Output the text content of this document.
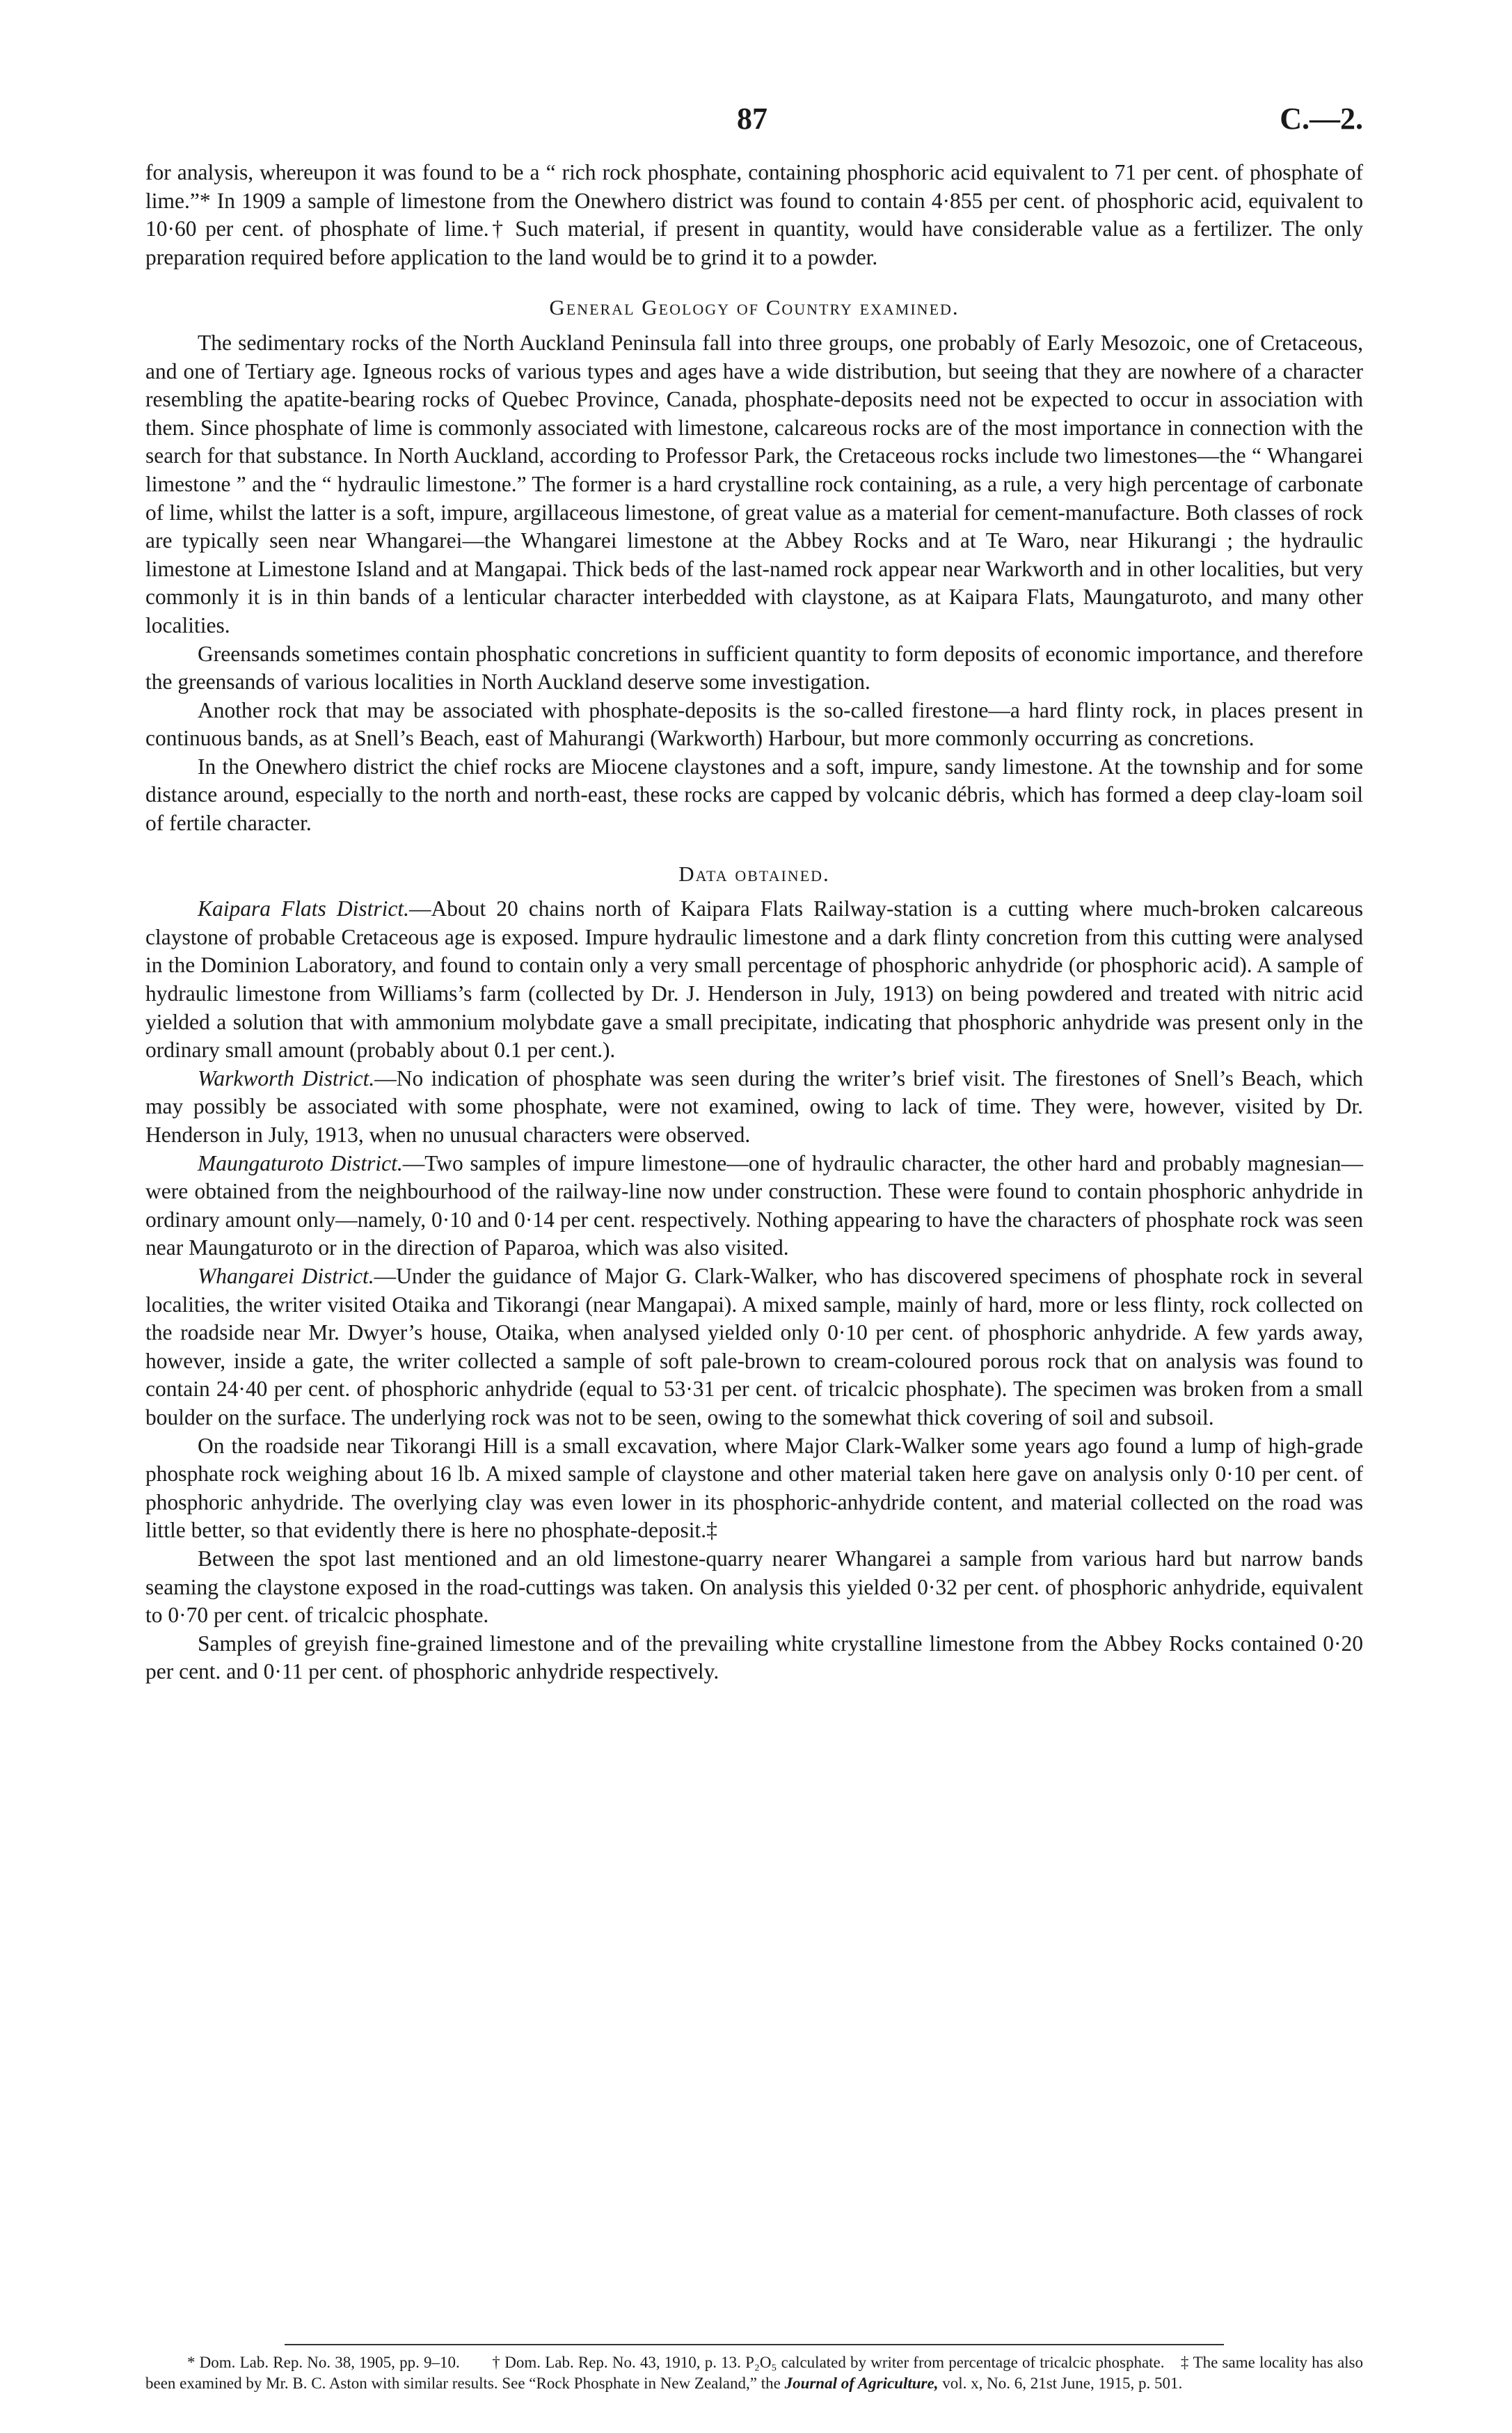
87	C.—2.

for analysis, whereupon it was found to be a “ rich rock phosphate, containing phosphoric acid equivalent to 71 per cent. of phosphate of lime.”* In 1909 a sample of limestone from the Onewhero district was found to contain 4·855 per cent. of phosphoric acid, equivalent to 10·60 per cent. of phosphate of lime.† Such material, if present in quantity, would have considerable value as a fertilizer. The only preparation required before application to the land would be to grind it to a powder.

General Geology of Country examined.

The sedimentary rocks of the North Auckland Peninsula fall into three groups, one probably of Early Mesozoic, one of Cretaceous, and one of Tertiary age. Igneous rocks of various types and ages have a wide distribution, but seeing that they are nowhere of a character resembling the apatite-bearing rocks of Quebec Province, Canada, phosphate-deposits need not be expected to occur in association with them. Since phosphate of lime is commonly associated with limestone, calcareous rocks are of the most importance in connection with the search for that substance. In North Auckland, according to Professor Park, the Cretaceous rocks include two limestones—the “ Whangarei limestone ” and the “ hydraulic limestone.” The former is a hard crystalline rock containing, as a rule, a very high percentage of carbonate of lime, whilst the latter is a soft, impure, argillaceous limestone, of great value as a material for cement-manufacture. Both classes of rock are typically seen near Whangarei—the Whangarei limestone at the Abbey Rocks and at Te Waro, near Hikurangi ; the hydraulic limestone at Limestone Island and at Mangapai. Thick beds of the last-named rock appear near Warkworth and in other localities, but very commonly it is in thin bands of a lenticular character interbedded with claystone, as at Kaipara Flats, Maungaturoto, and many other localities.

Greensands sometimes contain phosphatic concretions in sufficient quantity to form deposits of economic importance, and therefore the greensands of various localities in North Auckland deserve some investigation.

Another rock that may be associated with phosphate-deposits is the so-called firestone—a hard flinty rock, in places present in continuous bands, as at Snell’s Beach, east of Mahurangi (Warkworth) Harbour, but more commonly occurring as concretions.

In the Onewhero district the chief rocks are Miocene claystones and a soft, impure, sandy limestone. At the township and for some distance around, especially to the north and north-east, these rocks are capped by volcanic débris, which has formed a deep clay-loam soil of fertile character.

Data obtained.

Kaipara Flats District.—About 20 chains north of Kaipara Flats Railway-station is a cutting where much-broken calcareous claystone of probable Cretaceous age is exposed. Impure hydraulic limestone and a dark flinty concretion from this cutting were analysed in the Dominion Laboratory, and found to contain only a very small percentage of phosphoric anhydride (or phosphoric acid). A sample of hydraulic limestone from Williams’s farm (collected by Dr. J. Henderson in July, 1913) on being powdered and treated with nitric acid yielded a solution that with ammonium molybdate gave a small precipitate, indicating that phosphoric anhydride was present only in the ordinary small amount (probably about 0.1 per cent.).

Warkworth District.—No indication of phosphate was seen during the writer’s brief visit. The firestones of Snell’s Beach, which may possibly be associated with some phosphate, were not examined, owing to lack of time. They were, however, visited by Dr. Henderson in July, 1913, when no unusual characters were observed.

Maungaturoto District.—Two samples of impure limestone—one of hydraulic character, the other hard and probably magnesian—were obtained from the neighbourhood of the railway-line now under construction. These were found to contain phosphoric anhydride in ordinary amount only—namely, 0·10 and 0·14 per cent. respectively. Nothing appearing to have the characters of phosphate rock was seen near Maungaturoto or in the direction of Paparoa, which was also visited.

Whangarei District.—Under the guidance of Major G. Clark-Walker, who has discovered specimens of phosphate rock in several localities, the writer visited Otaika and Tikorangi (near Mangapai). A mixed sample, mainly of hard, more or less flinty, rock collected on the roadside near Mr. Dwyer’s house, Otaika, when analysed yielded only 0·10 per cent. of phosphoric anhydride. A few yards away, however, inside a gate, the writer collected a sample of soft pale-brown to cream-coloured porous rock that on analysis was found to contain 24·40 per cent. of phosphoric anhydride (equal to 53·31 per cent. of tricalcic phosphate). The specimen was broken from a small boulder on the surface. The underlying rock was not to be seen, owing to the somewhat thick covering of soil and subsoil.

On the roadside near Tikorangi Hill is a small excavation, where Major Clark-Walker some years ago found a lump of high-grade phosphate rock weighing about 16 lb. A mixed sample of claystone and other material taken here gave on analysis only 0·10 per cent. of phosphoric anhydride. The overlying clay was even lower in its phosphoric-anhydride content, and material collected on the road was little better, so that evidently there is here no phosphate-deposit.‡

Between the spot last mentioned and an old limestone-quarry nearer Whangarei a sample from various hard but narrow bands seaming the claystone exposed in the road-cuttings was taken. On analysis this yielded 0·32 per cent. of phosphoric anhydride, equivalent to 0·70 per cent. of tricalcic phosphate.

Samples of greyish fine-grained limestone and of the prevailing white crystalline limestone from the Abbey Rocks contained 0·20 per cent. and 0·11 per cent. of phosphoric anhydride respectively.

* Dom. Lab. Rep. No. 38, 1905, pp. 9–10.   † Dom. Lab. Rep. No. 43, 1910, p. 13. P₂O₅ calculated by writer from percentage of tricalcic phosphate.  ‡ The same locality has also been examined by Mr. B. C. Aston with similar results. See “Rock Phosphate in New Zealand,” the Journal of Agriculture, vol. x, No. 6, 21st June, 1915, p. 501.
